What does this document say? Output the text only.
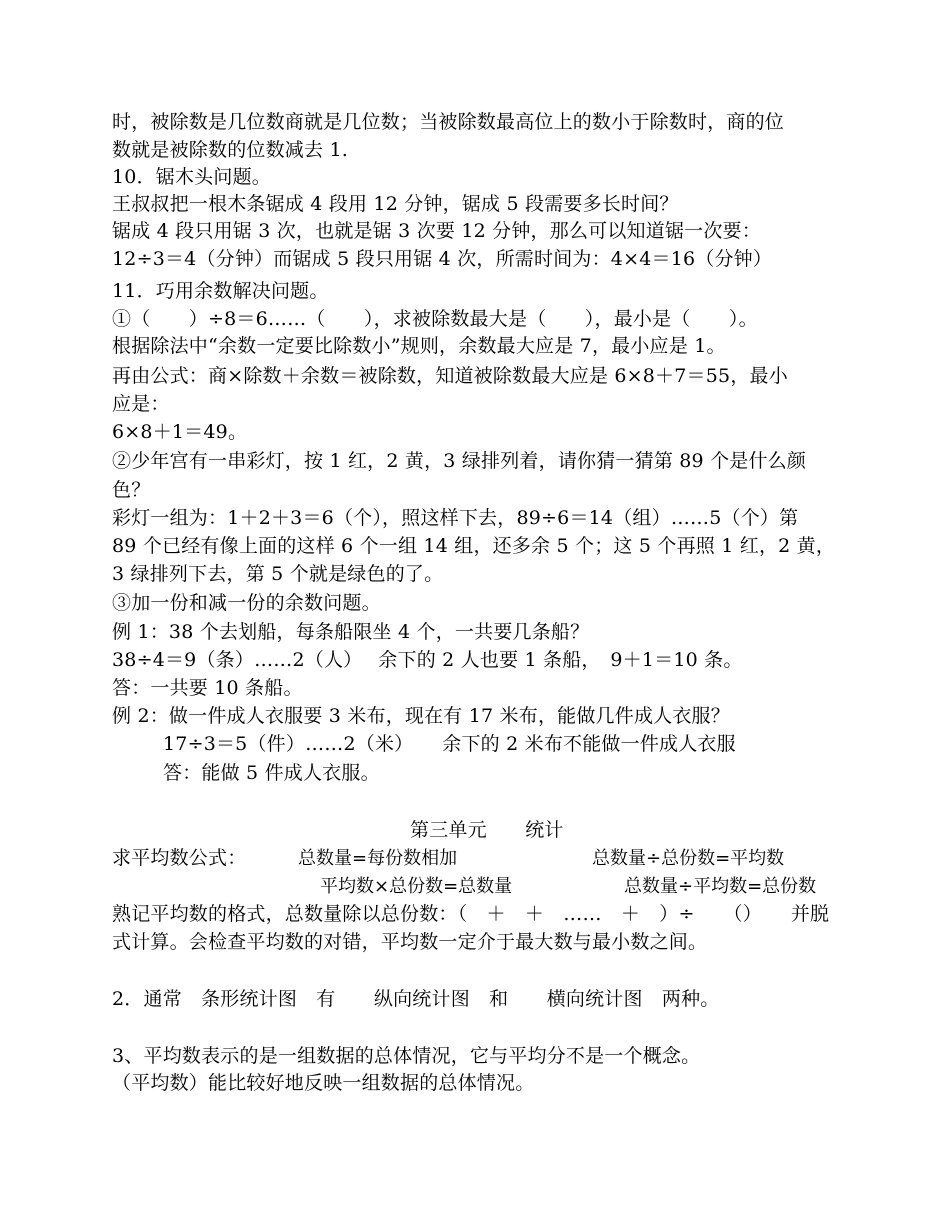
时，被除数是几位数商就是几位数；当被除数最高位上的数小于除数时，商的位
数就是被除数的位数减去 1.
10．锯木头问题。
王叔叔把一根木条锯成 4 段用 12 分钟，锯成 5 段需要多长时间？
锯成 4 段只用锯 3 次，也就是锯 3 次要 12 分钟，那么可以知道锯一次要：
12÷3＝4（分钟）而锯成 5 段只用锯 4 次，所需时间为：4×4＝16（分钟）
11．巧用余数解决问题。
①（　　）÷8＝6……（　　），求被除数最大是（　　），最小是（　　）。
根据除法中“余数一定要比除数小”规则，余数最大应是 7，最小应是 1。
再由公式：商×除数＋余数＝被除数，知道被除数最大应是 6×8＋7＝55，最小
应是：
6×8＋1＝49。
②少年宫有一串彩灯，按 1 红，2 黄，3 绿排列着，请你猜一猜第 89 个是什么颜
色？
彩灯一组为：1＋2＋3＝6（个），照这样下去，89÷6＝14（组）……5（个）第
89 个已经有像上面的这样 6 个一组 14 组，还多余 5 个；这 5 个再照 1 红，2 黄，
3 绿排列下去，第 5 个就是绿色的了。
③加一份和减一份的余数问题。
例 1：38 个去划船，每条船限坐 4 个，一共要几条船？
38÷4＝9（条）……2（人）　 余下的 2 人也要 1 条船，　9＋1＝10 条。
答：一共要 10 条船。
例 2：做一件成人衣服要 3 米布，现在有 17 米布，能做几件成人衣服？
17÷3＝5（件）……2（米）　　余下的 2 米布不能做一件成人衣服
答：能做 5 件成人衣服。
第三单元　　统计
求平均数公式：	总数量=每份数相加	总数量÷总份数=平均数
平均数×总份数=总数量	总数量÷平均数=总份数
熟记平均数的格式，总数量除以总份数：（　＋　＋　……　＋　）÷　　（）　　并脱
式计算。会检查平均数的对错，平均数一定介于最大数与最小数之间。
2．通常　条形统计图　有　　纵向统计图　和　　横向统计图　两种。
3、平均数表示的是一组数据的总体情况，它与平均分不是一个概念。
（平均数）能比较好地反映一组数据的总体情况。
